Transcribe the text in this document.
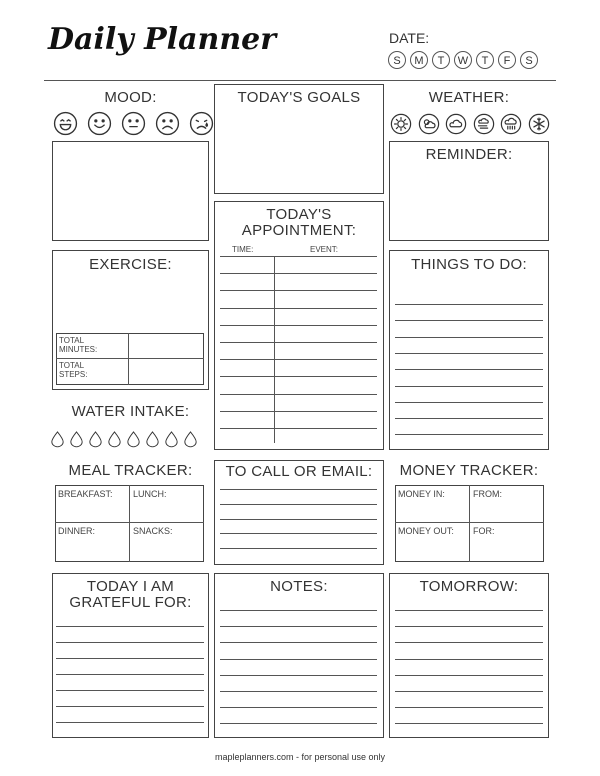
Daily Planner	DATE:
S	M	T	W	T	F	S
MOOD:	TODAY'S GOALS	WEATHER:
REMINDER:
TODAY'S
APPOINTMENT:
TIME:	EVENT:
EXERCISE:
TOTAL
MINUTES:
TOTAL
STEPS:
THINGS TO DO:
WATER INTAKE:
MEAL TRACKER:
BREAKFAST: LUNCH:
DINNER:	SNACKS:
TO CALL OR EMAIL:	MONEY TRACKER:
MONEY IN:	FROM:
MONEY OUT: FOR:
TODAY I AM
GRATEFUL FOR:
NOTES:	TOMORROW:
mapleplanners.com - for personal use only
